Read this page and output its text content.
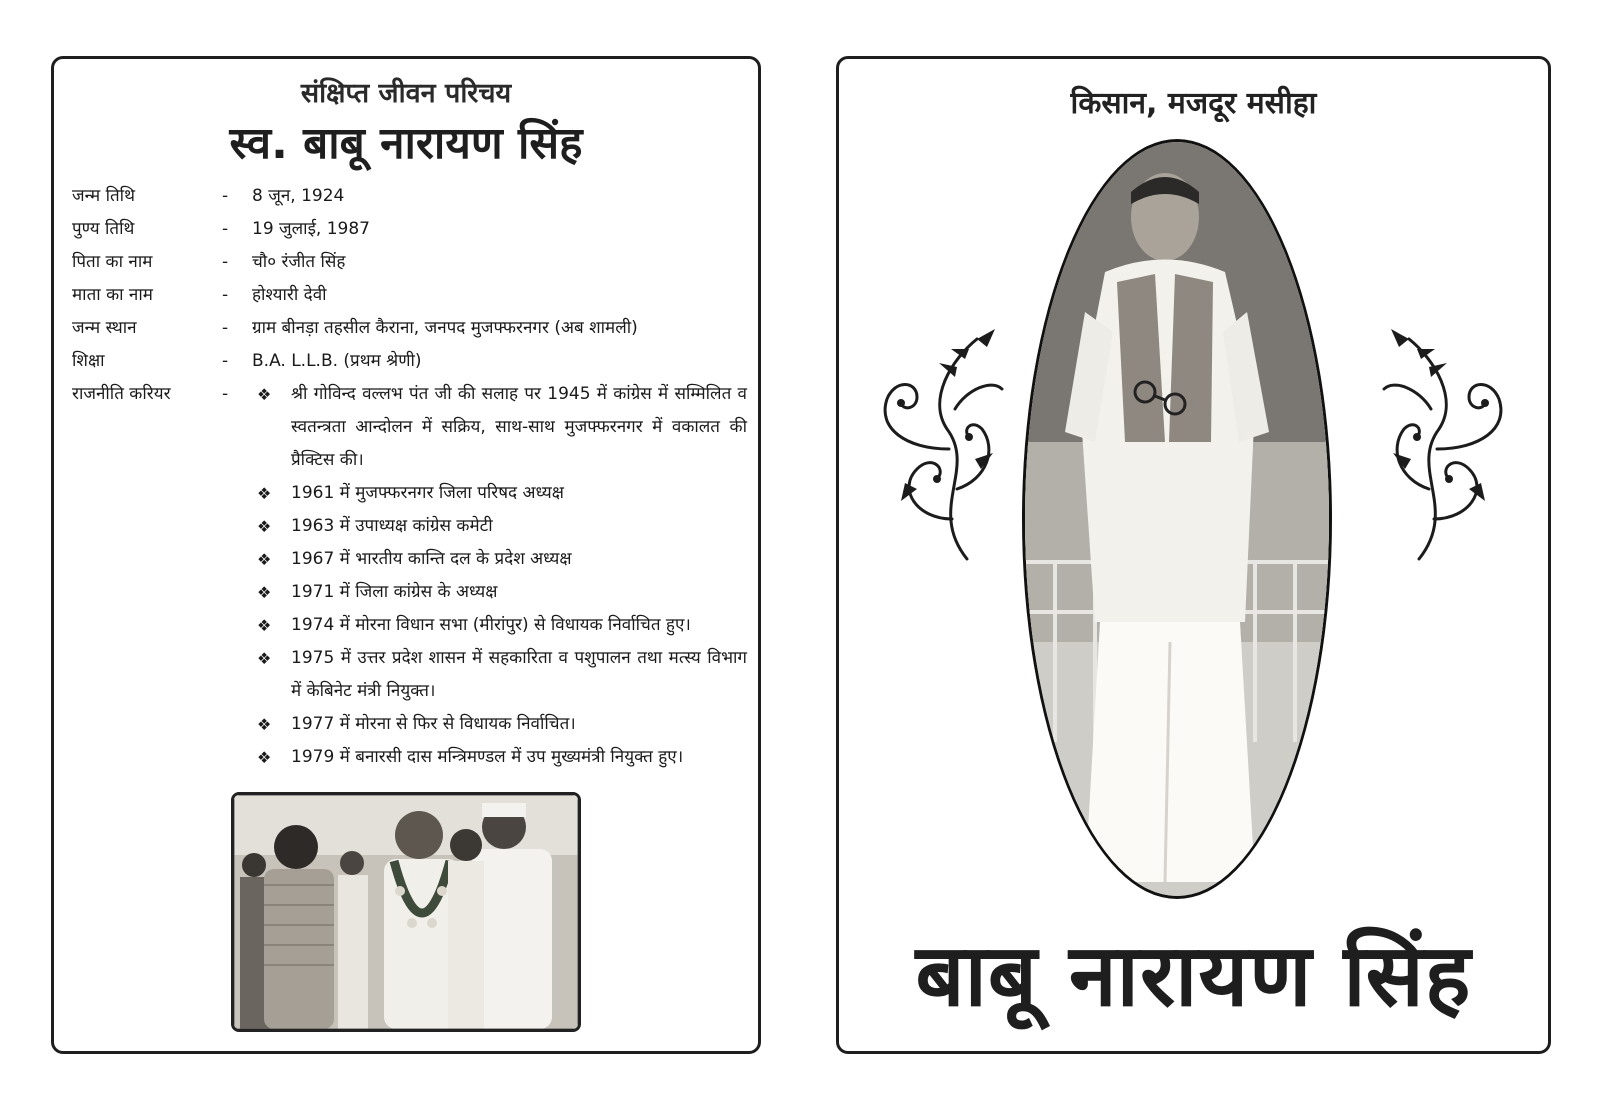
संक्षिप्त जीवन परिचय
स्व. बाबू नारायण सिंह
जन्म तिथि	- 8 जून, 1924
पुण्य तिथि	- 19 जुलाई, 1987
पिता का नाम	- चौ० रंजीत सिंह
माता का नाम	- होश्यारी देवी
जन्म स्थान	- ग्राम बीनड़ा तहसील कैराना, जनपद मुजफ्फरनगर (अब शामली)
शिक्षा	- B.A. L.L.B. (प्रथम श्रेणी)
राजनीति करियर	- ❖ श्री गोविन्द वल्लभ पंत जी की सलाह पर 1945 में कांग्रेस में सम्मिलित व स्वतन्त्रता आन्दोलन में सक्रिय, साथ-साथ मुजफ्फरनगर में वकालत की प्रैक्टिस की।
❖ 1961 में मुजफ्फरनगर जिला परिषद अध्यक्ष
❖ 1963 में उपाध्यक्ष कांग्रेस कमेटी
❖ 1967 में भारतीय कान्ति दल के प्रदेश अध्यक्ष
❖ 1971 में जिला कांग्रेस के अध्यक्ष
❖ 1974 में मोरना विधान सभा (मीरांपुर) से विधायक निर्वाचित हुए।
❖ 1975 में उत्तर प्रदेश शासन में सहकारिता व पशुपालन तथा मत्स्य विभाग में केबिनेट मंत्री नियुक्त।
❖ 1977 में मोरना से फिर से विधायक निर्वाचित।
❖ 1979 में बनारसी दास मन्त्रिमण्डल में उप मुख्यमंत्री नियुक्त हुए।
किसान, मजदूर मसीहा
बाबू नारायण सिंह
